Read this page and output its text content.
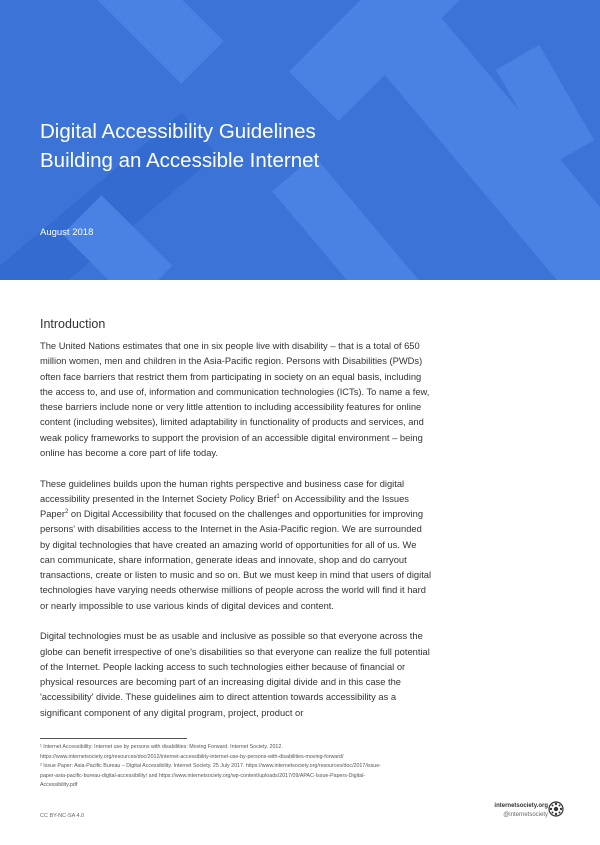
Digital Accessibility Guidelines
Building an Accessible Internet
August 2018
Introduction

The United Nations estimates that one in six people live with disability – that is a total of 650 million women, men and children in the Asia-Pacific region. Persons with Disabilities (PWDs) often face barriers that restrict them from participating in society on an equal basis, including the access to, and use of, information and communication technologies (ICTs). To name a few, these barriers include none or very little attention to including accessibility features for online content (including websites), limited adaptability in functionality of products and services, and weak policy frameworks to support the provision of an accessible digital environment – being online has become a core part of life today.

These guidelines builds upon the human rights perspective and business case for digital accessibility presented in the Internet Society Policy Brief$^1$ on Accessibility and the Issues Paper$^2$ on Digital Accessibility that focused on the challenges and opportunities for improving persons' with disabilities access to the Internet in the Asia-Pacific region. We are surrounded by digital technologies that have created an amazing world of opportunities for all of us. We can communicate, share information, generate ideas and innovate, shop and do carryout transactions, create or listen to music and so on. But we must keep in mind that users of digital technologies have varying needs otherwise millions of people across the world will find it hard or nearly impossible to use various kinds of digital devices and content.

Digital technologies must be as usable and inclusive as possible so that everyone across the globe can benefit irrespective of one's disabilities so that everyone can realize the full potential of the Internet. People lacking access to such technologies either because of financial or physical resources are becoming part of an increasing digital divide and in this case the 'accessibility' divide. These guidelines aim to direct attention towards accessibility as a significant component of any digital program, project, product or

¹ Internet Accessibility: Internet use by persons with disabilities: Moving Forward. Internet Society. 2012.
https://www.internetsociety.org/resources/doc/2012/internet-accessibility-internet-use-by-persons-with-disabilities-moving-forward/
² Issue Paper: Asia-Pacific Bureau – Digital Accessibility. Internet Society. 25 July 2017. https://www.internetsociety.org/resources/doc/2017/issue-
paper-asia-pacific-bureau-digital-accessibility/ and https://www.internetsociety.org/wp-content/uploads/2017/09/APAC-Issue-Papers-Digital-
Accessibility.pdf
CC BY-NC-SA 4.0
internetsociety.org
@internetsociety
